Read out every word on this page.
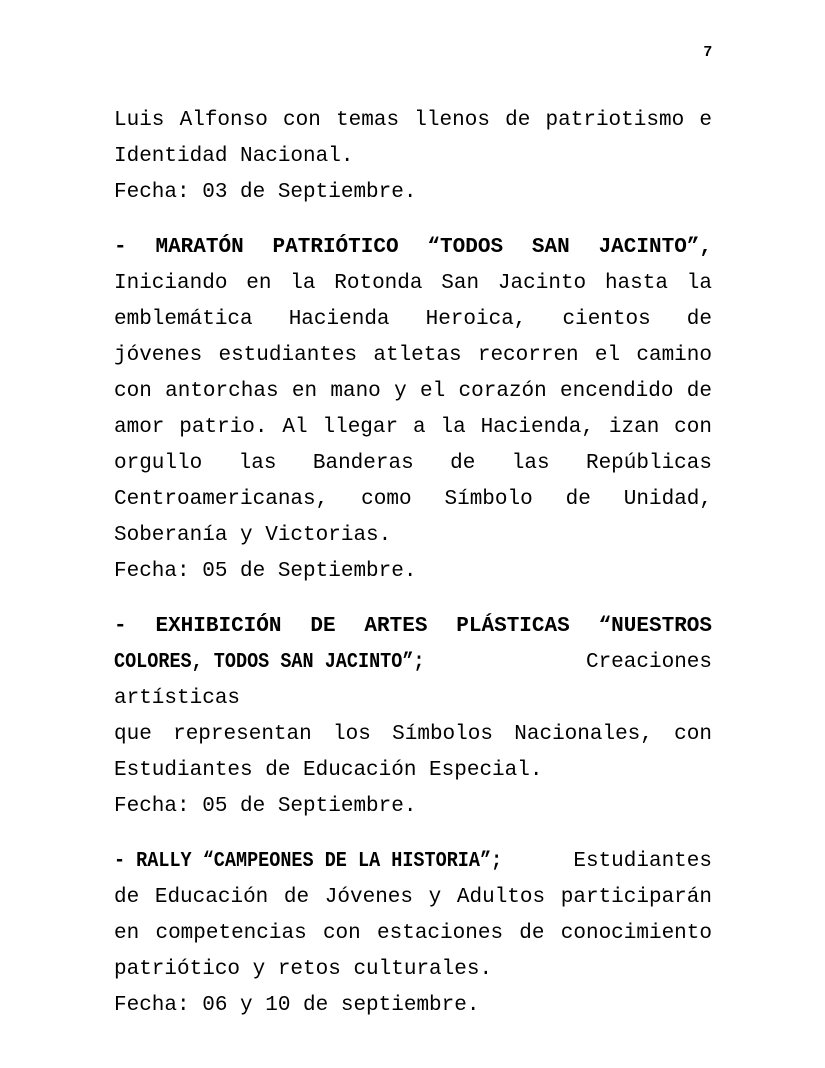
7
Luis Alfonso con temas llenos de patriotismo e
Identidad Nacional.
Fecha: 03 de Septiembre.
- MARATÓN PATRIÓTICO “TODOS SAN JACINTO”,
Iniciando en la Rotonda San Jacinto hasta la
emblemática Hacienda Heroica, cientos de
jóvenes estudiantes atletas recorren el camino
con antorchas en mano y el corazón encendido de
amor patrio. Al llegar a la Hacienda, izan con
orgullo las Banderas de las Repúblicas
Centroamericanas, como Símbolo de Unidad,
Soberanía y Victorias.
Fecha: 05 de Septiembre.
- EXHIBICIÓN DE ARTES PLÁSTICAS “NUESTROS
COLORES, TODOS SAN JACINTO”; Creaciones artísticas
que representan los Símbolos Nacionales, con
Estudiantes de Educación Especial.
Fecha: 05 de Septiembre.
- RALLY “CAMPEONES DE LA HISTORIA”;	Estudiantes
de Educación de Jóvenes y Adultos participarán
en competencias con estaciones de conocimiento
patriótico y retos culturales.
Fecha: 06 y 10 de septiembre.
